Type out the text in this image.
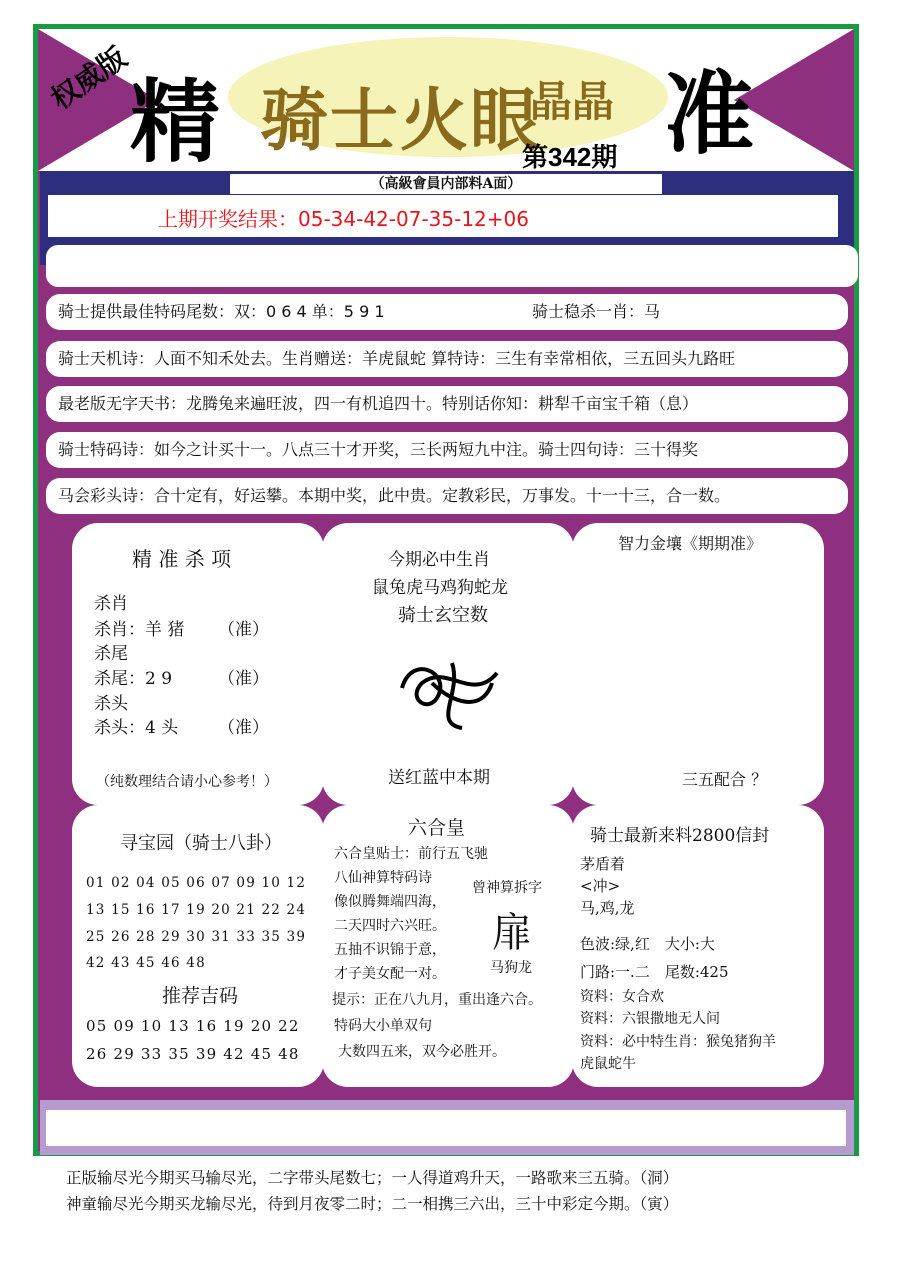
权威版
精 骑士火眼
晶晶 准
第342期
（高級會員内部料A面）
上期开奖结果：05-34-42-07-35-12+06
骑士提供最佳特码尾数：双：0 6 4 单：5 9 1	骑士稳杀一肖：马
骑士天机诗：人面不知禾处去。生肖赠送：羊虎鼠蛇 算特诗：三生有幸常相依，三五回头九路旺
最老版无字天书：龙腾兔来遍旺波，四一有机追四十。特别话你知：耕犁千亩宝千箱（息）
骑士特码诗：如今之计买十一。八点三十才开奖，三长两短九中注。骑士四句诗：三十得奖
马会彩头诗：合十定有，好运攀。本期中奖，此中贵。定教彩民，万事发。十一十三，合一数。
精 准 杀 项
杀肖
杀肖：羊 猪 （准）
杀尾
杀尾：2 9	（准）
杀头
杀头：4 头 （准）
（纯数理结合请小心参考！）
今期必中生肖
鼠兔虎马鸡狗蛇龙
骑士玄空数
送红蓝中本期
智力金壤《期期准》
三五配合 ？
寻宝园（骑士八卦）
01 02 04 05 06 07 09 10 12
13 15 16 17 19 20 21 22 24
25 26 28 29 30 31 33 35 39
42 43 45 46 48
推荐吉码
05 09 10 13 16 19 20 22
26 29 33 35 39 42 45 48
六合皇
六合皇贴士：前行五飞驰
八仙神算特码诗
像似腾舞端四海，
二天四时六兴旺。
五抽不识锦于意，
才子美女配一对。
提示：正在八九月，重出逢六合。
特码大小单双句
大数四五来，双今必胜开。
曾神算拆字
扉
马狗龙
骑士最新来料2800信封
茅盾着
<冲>
马,鸡,龙
色波:绿,红　大小:大
门路:一.二　尾数:425
资料：女合欢
资料：六银撒地无人问
资料：必中特生肖：猴兔猪狗羊
虎鼠蛇牛
正版输尽光今期买马输尽光，二字带头尾数七；一人得道鸡升天，一路歌来三五骑。（洞）
神童输尽光今期买龙输尽光，待到月夜零二时；二一相携三六出，三十中彩定今期。（寅）
